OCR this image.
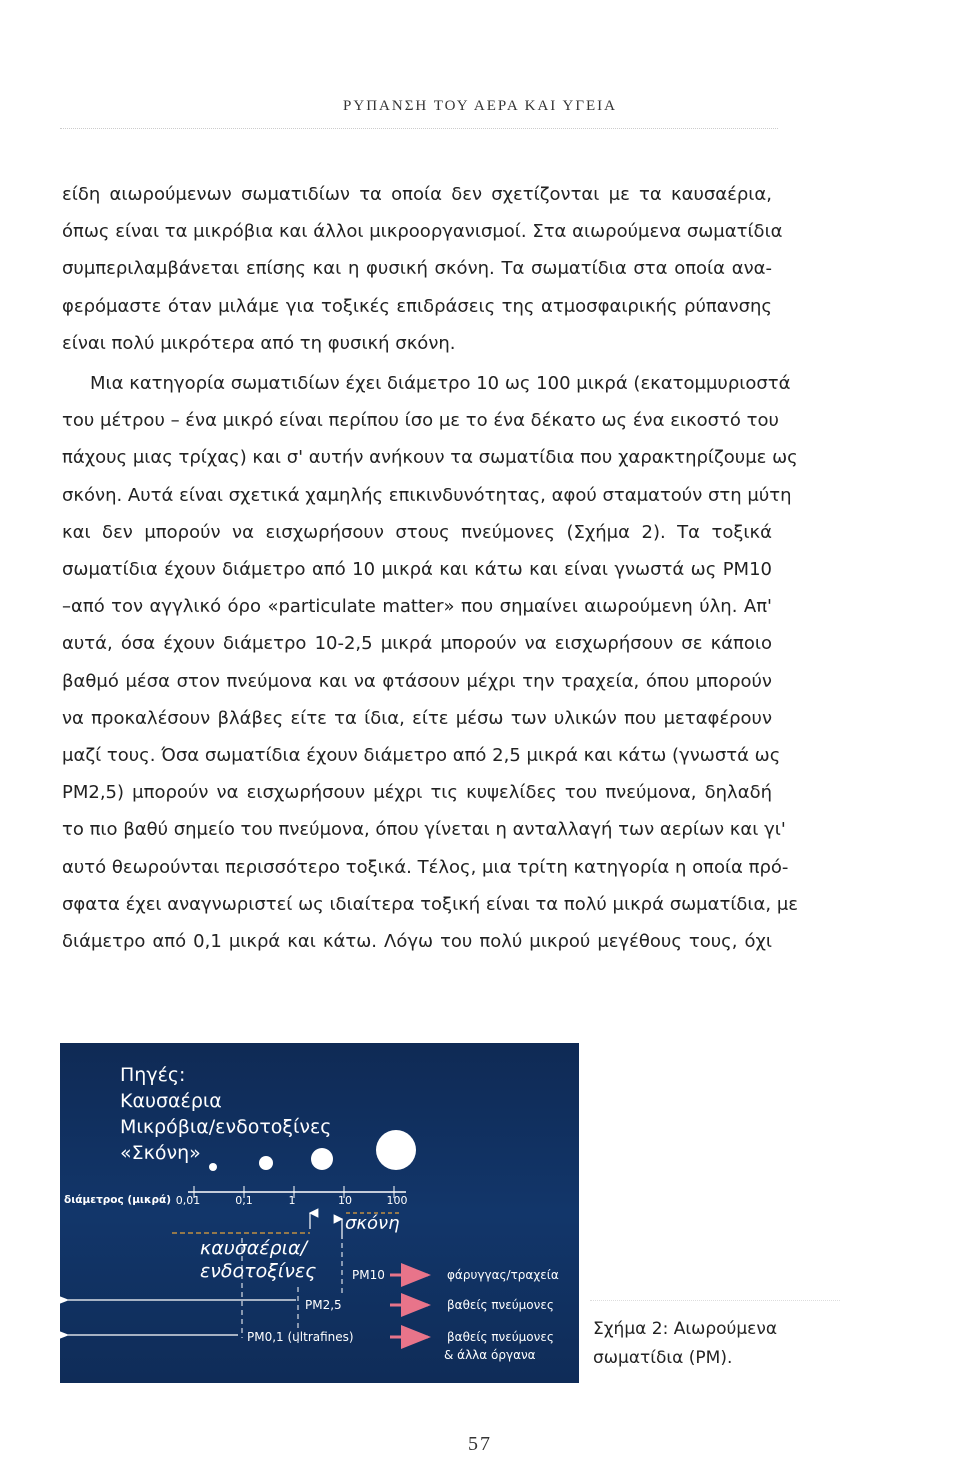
ΡΥΠΑΝΣΗ ΤΟΥ ΑΕΡΑ ΚΑΙ ΥΓΕΙΑ

είδη αιωρούμενων σωματιδίων τα οποία δεν σχετίζονται με τα καυσαέρια,
όπως είναι τα μικρόβια και άλλοι μικροοργανισμοί. Στα αιωρούμενα σωματίδια
συμπεριλαμβάνεται επίσης και η φυσική σκόνη. Τα σωματίδια στα οποία ανα-
φερόμαστε όταν μιλάμε για τοξικές επιδράσεις της ατμοσφαιρικής ρύπανσης
είναι πολύ μικρότερα από τη φυσική σκόνη.

Μια κατηγορία σωματιδίων έχει διάμετρο 10 ως 100 μικρά (εκατομμυριοστά
του μέτρου – ένα μικρό είναι περίπου ίσο με το ένα δέκατο ως ένα εικοστό του
πάχους μιας τρίχας) και σ' αυτήν ανήκουν τα σωματίδια που χαρακτηρίζουμε ως
σκόνη. Αυτά είναι σχετικά χαμηλής επικινδυνότητας, αφού σταματούν στη μύτη
και δεν μπορούν να εισχωρήσουν στους πνεύμονες (Σχήμα 2). Τα τοξικά
σωματίδια έχουν διάμετρο από 10 μικρά και κάτω και είναι γνωστά ως PM10
–από τον αγγλικό όρο «particulate matter» που σημαίνει αιωρούμενη ύλη. Απ'
αυτά, όσα έχουν διάμετρο 10-2,5 μικρά μπορούν να εισχωρήσουν σε κάποιο
βαθμό μέσα στον πνεύμονα και να φτάσουν μέχρι την τραχεία, όπου μπορούν
να προκαλέσουν βλάβες είτε τα ίδια, είτε μέσω των υλικών που μεταφέρουν
μαζί τους. Όσα σωματίδια έχουν διάμετρο από 2,5 μικρά και κάτω (γνωστά ως
PM2,5) μπορούν να εισχωρήσουν μέχρι τις κυψελίδες του πνεύμονα, δηλαδή
το πιο βαθύ σημείο του πνεύμονα, όπου γίνεται η ανταλλαγή των αερίων και γι'
αυτό θεωρούνται περισσότερο τοξικά. Τέλος, μια τρίτη κατηγορία η οποία πρό-
σφατα έχει αναγνωριστεί ως ιδιαίτερα τοξική είναι τα πολύ μικρά σωματίδια, με
διάμετρο από 0,1 μικρά και κάτω. Λόγω του πολύ μικρού μεγέθους τους, όχι

Πηγές:
Καυσαέρια
Μικρόβια/ενδοτοξίνες
«Σκόνη»
διάμετρος (μικρά) 0,01	0,1	1	10	100
σκόνη
καυσαέρια/
ενδοτοξίνες	PM10	φάρυγγας/τραχεία
PM2,5	βαθείς πνεύμονες
PM0,1 (ultrafines)	βαθείς πνεύμονες
& άλλα όργανα
Σχήμα 2: Αιωρούμενα
σωματίδια (PM).
57
